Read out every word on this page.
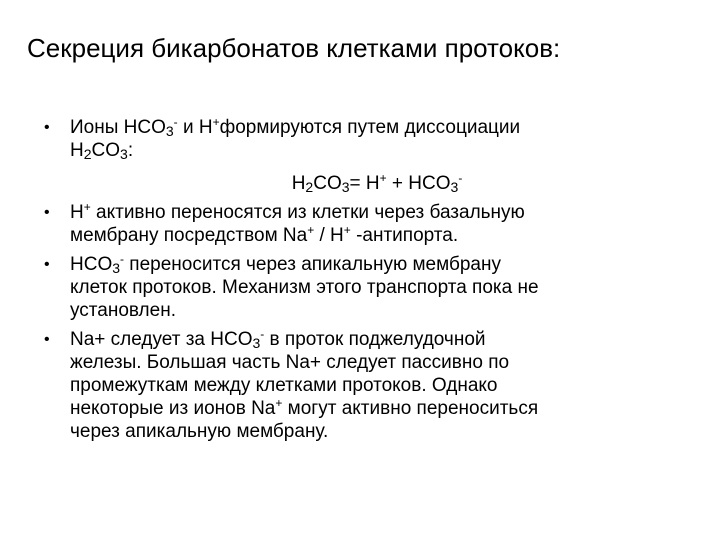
Секреция бикарбонатов клетками протоков:
•	Ионы $HCO_3^-$ и H+формируются путем диссоциации
$H_2CO_3$:
$H_2CO_3= H^+ + HCO_3^-$
•	H+ активно переносятся из клетки через базальную
мембрану посредством Na+ / H+ -антипорта.
•	$HCO_3^-$ переносится через апикальную мембрану
клеток протоков. Механизм этого транспорта пока не
установлен.
•	Na+ следует за $HCO_3^-$ в проток поджелудочной
железы. Большая часть Na+ следует пассивно по
промежуткам между клетками протоков. Однако
некоторые из ионов Na+ могут активно переноситься
через апикальную мембрану.
